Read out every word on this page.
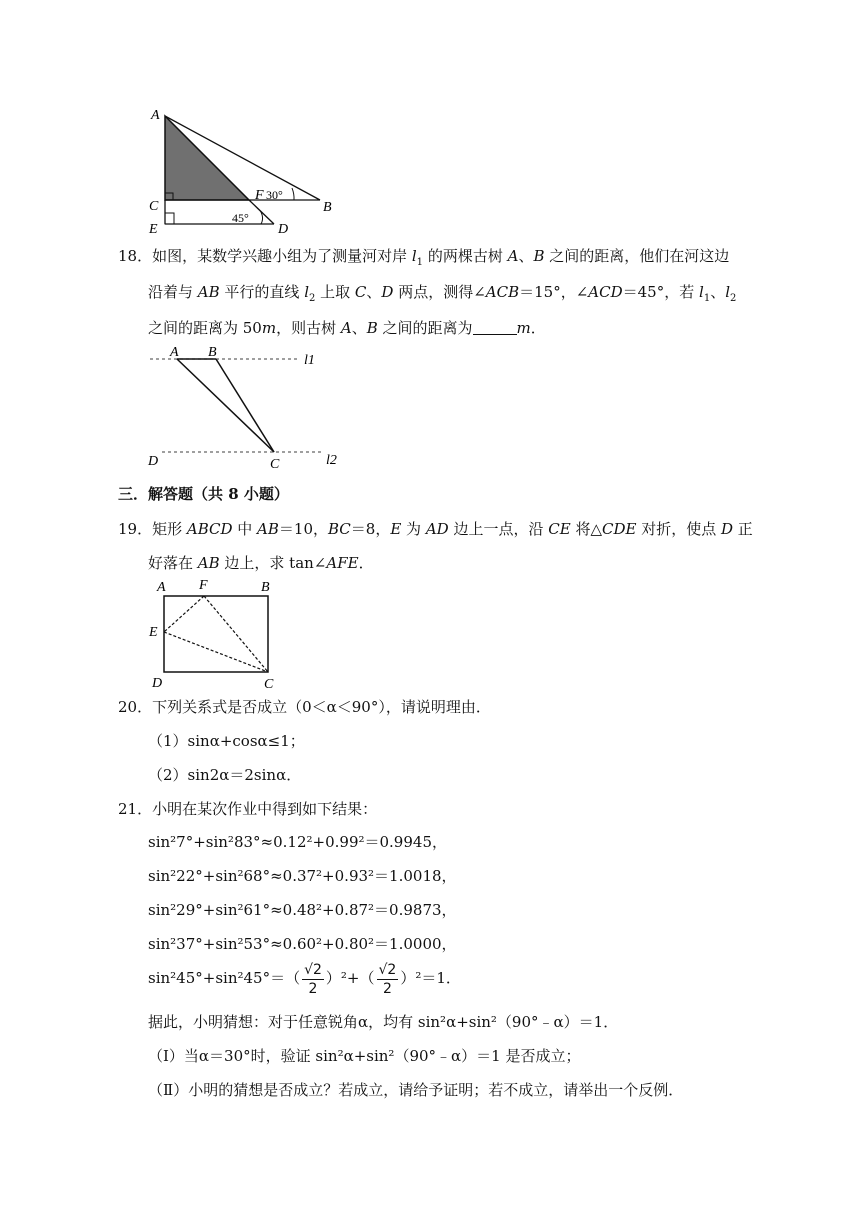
A
C
E
F 30°
45°
B
D
18．如图，某数学兴趣小组为了测量河对岸 $l_1$ 的两棵古树 A、B 之间的距离，他们在河这边
沿着与 AB 平行的直线 $l_2$ 上取 C、D 两点，测得∠ACB＝15°，∠ACD＝45°，若 $l_1$、$l_2$
之间的距离为 50m，则古树 A、B 之间的距离为	m．
A B
l1
D	C	l2
三．解答题（共 8 小题）
19．矩形 ABCD 中 AB＝10，BC＝8，E 为 AD 边上一点，沿 CE 将△CDE 对折，使点 D 正
好落在 AB 边上，求 tan∠AFE．
A F	B
E
D	C
20．下列关系式是否成立（0＜α＜90°），请说明理由．
（1）sinα+cosα≤1；
（2）sin2α＝2sinα．
21．小明在某次作业中得到如下结果：
sin²7°+sin²83°≈0.12²+0.99²＝0.9945，
sin²22°+sin²68°≈0.37²+0.93²＝1.0018，
sin²29°+sin²61°≈0.48²+0.87²＝0.9873，
sin²37°+sin²53°≈0.60²+0.80²＝1.0000，
$\sin^245^\circ+\sin^245^\circ=( \frac{√2}{2} )^2+( \frac{√2}{2} )^2=1$．
据此，小明猜想：对于任意锐角α，均有 sin²α+sin²（90°﹣α）＝1．
（Ⅰ）当α＝30°时，验证 sin²α+sin²（90°﹣α）＝1 是否成立；
（Ⅱ）小明的猜想是否成立？若成立，请给予证明；若不成立，请举出一个反例．
